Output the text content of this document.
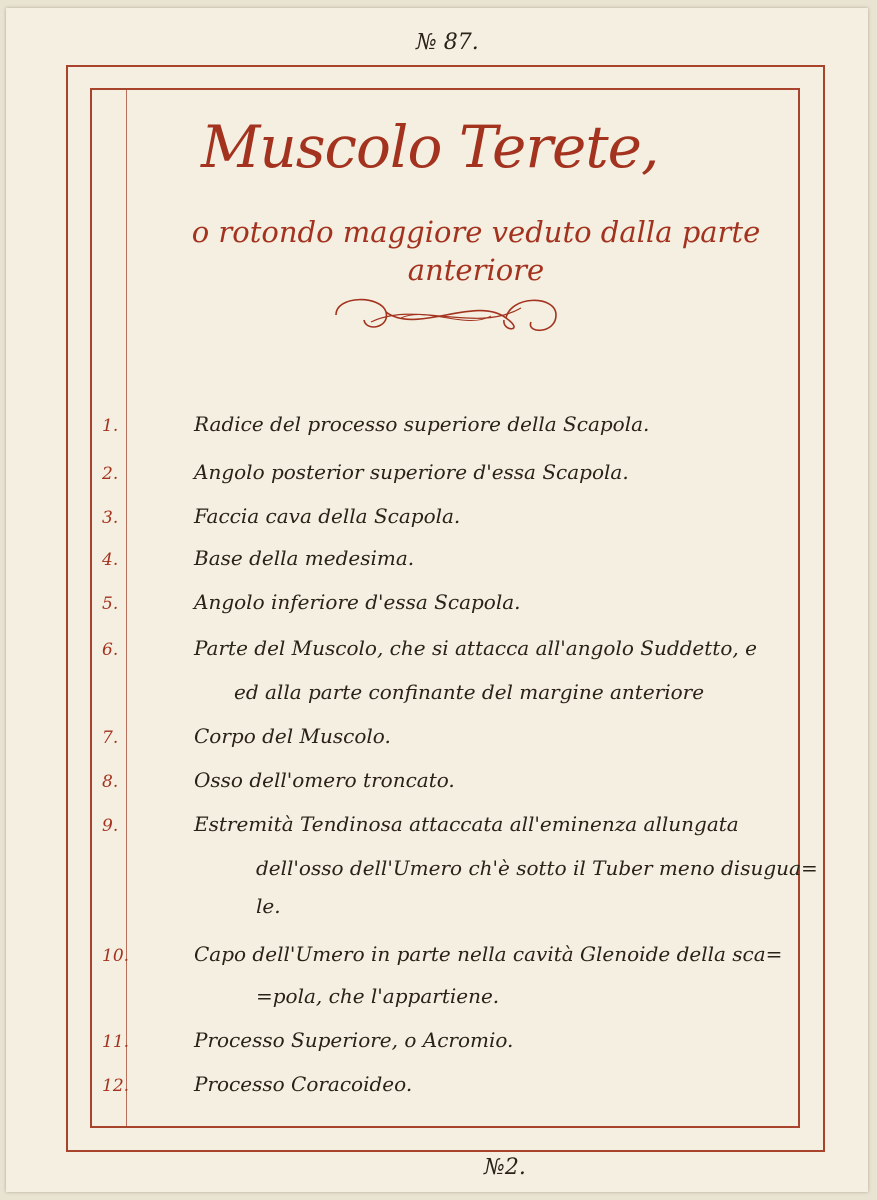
№ 87.
Muscolo Terete,
o rotondo maggiore veduto dalla parte
anteriore
1.	Radice del processo superiore della Scapola.
2.	Angolo posterior superiore d'essa Scapola.
3.	Faccia cava della Scapola.
4.	Base della medesima.
5.	Angolo inferiore d'essa Scapola.
6.	Parte del Muscolo, che si attacca all'angolo Suddetto, e
ed alla parte confinante del margine anteriore
7.	Corpo del Muscolo.
8.	Osso dell'omero troncato.
9.	Estremità Tendinosa attaccata all'eminenza allungata
dell'osso dell'Umero ch'è sotto il Tuber meno disugua=
le.
10.	Capo dell'Umero in parte nella cavità Glenoide della sca=
=pola, che l'appartiene.
11.	Processo Superiore, o Acromio.
12.	Processo Coracoideo.
№2.
